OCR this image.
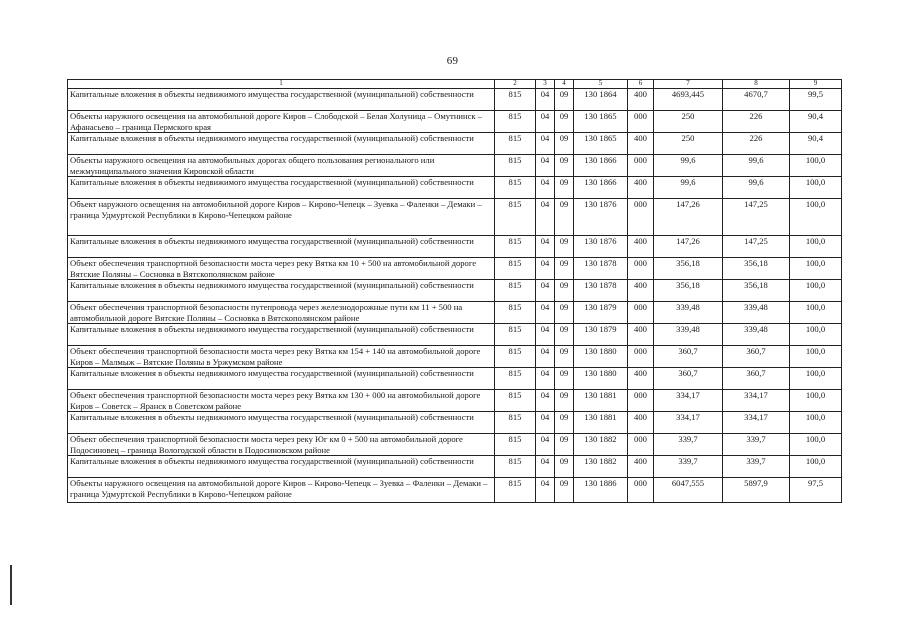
69
1	2	3	4	5	6	7	8	9
Капитальные вложения в объекты недвижимого имущества государственной (муниципальной) собственности	815	04	09	130 1864	400	4693,445	4670,7	99,5
Объекты наружного освещения на автомобильной дороге Киров – Слободской – Белая Холуница – Омутнинск – Афанасьево – граница Пермского края	815	04	09	130 1865	000	250	226	90,4
Капитальные вложения в объекты недвижимого имущества государственной (муниципальной) собственности	815	04	09	130 1865	400	250	226	90,4
Объекты наружного освещения на автомобильных дорогах общего пользования регионального или межмуниципального значения Кировской области	815	04	09	130 1866	000	99,6	99,6	100,0
Капитальные вложения в объекты недвижимого имущества государственной (муниципальной) собственности	815	04	09	130 1866	400	99,6	99,6	100,0
Объект наружного освещения на автомобильной дороге Киров – Кирово-Чепецк – Зуевка – Фаленки – Демаки – граница Удмуртской Республики в Кирово-Чепецком районе	815	04	09	130 1876	000	147,26	147,25	100,0
Капитальные вложения в объекты недвижимого имущества государственной (муниципальной) собственности	815	04	09	130 1876	400	147,26	147,25	100,0
Объект обеспечения транспортной безопасности моста через реку Вятка км 10 + 500 на автомобильной дороге Вятские Поляны – Сосновка в Вятскополянском районе	815	04	09	130 1878	000	356,18	356,18	100,0
Капитальные вложения в объекты недвижимого имущества государственной (муниципальной) собственности	815	04	09	130 1878	400	356,18	356,18	100,0
Объект обеспечения транспортной безопасности путепровода через железнодорожные пути км 11 + 500 на автомобильной дороге Вятские Поляны – Сосновка в Вятскополянском районе	815	04	09	130 1879	000	339,48	339,48	100,0
Капитальные вложения в объекты недвижимого имущества государственной (муниципальной) собственности	815	04	09	130 1879	400	339,48	339,48	100,0
Объект обеспечения транспортной безопасности моста через реку Вятка км 154 + 140 на автомобильной дороге Киров – Малмыж – Вятские Поляны в Уржумском районе	815	04	09	130 1880	000	360,7	360,7	100,0
Капитальные вложения в объекты недвижимого имущества государственной (муниципальной) собственности	815	04	09	130 1880	400	360,7	360,7	100,0
Объект обеспечения транспортной безопасности моста через реку Вятка км 130 + 000 на автомобильной дороге Киров – Советск – Яранск в Советском районе	815	04	09	130 1881	000	334,17	334,17	100,0
Капитальные вложения в объекты недвижимого имущества государственной (муниципальной) собственности	815	04	09	130 1881	400	334,17	334,17	100,0
Объект обеспечения транспортной безопасности моста через реку Юг км 0 + 500 на автомобильной дороге Подосиновец – граница Вологодской области в Подосиновском районе	815	04	09	130 1882	000	339,7	339,7	100,0
Капитальные вложения в объекты недвижимого имущества государственной (муниципальной) собственности	815	04	09	130 1882	400	339,7	339,7	100,0
Объекты наружного освещения на автомобильной дороге Киров – Кирово-Чепецк – Зуевка – Фаленки – Демаки – граница Удмуртской Республики в Кирово-Чепецком районе	815	04	09	130 1886	000	6047,555	5897,9	97,5
